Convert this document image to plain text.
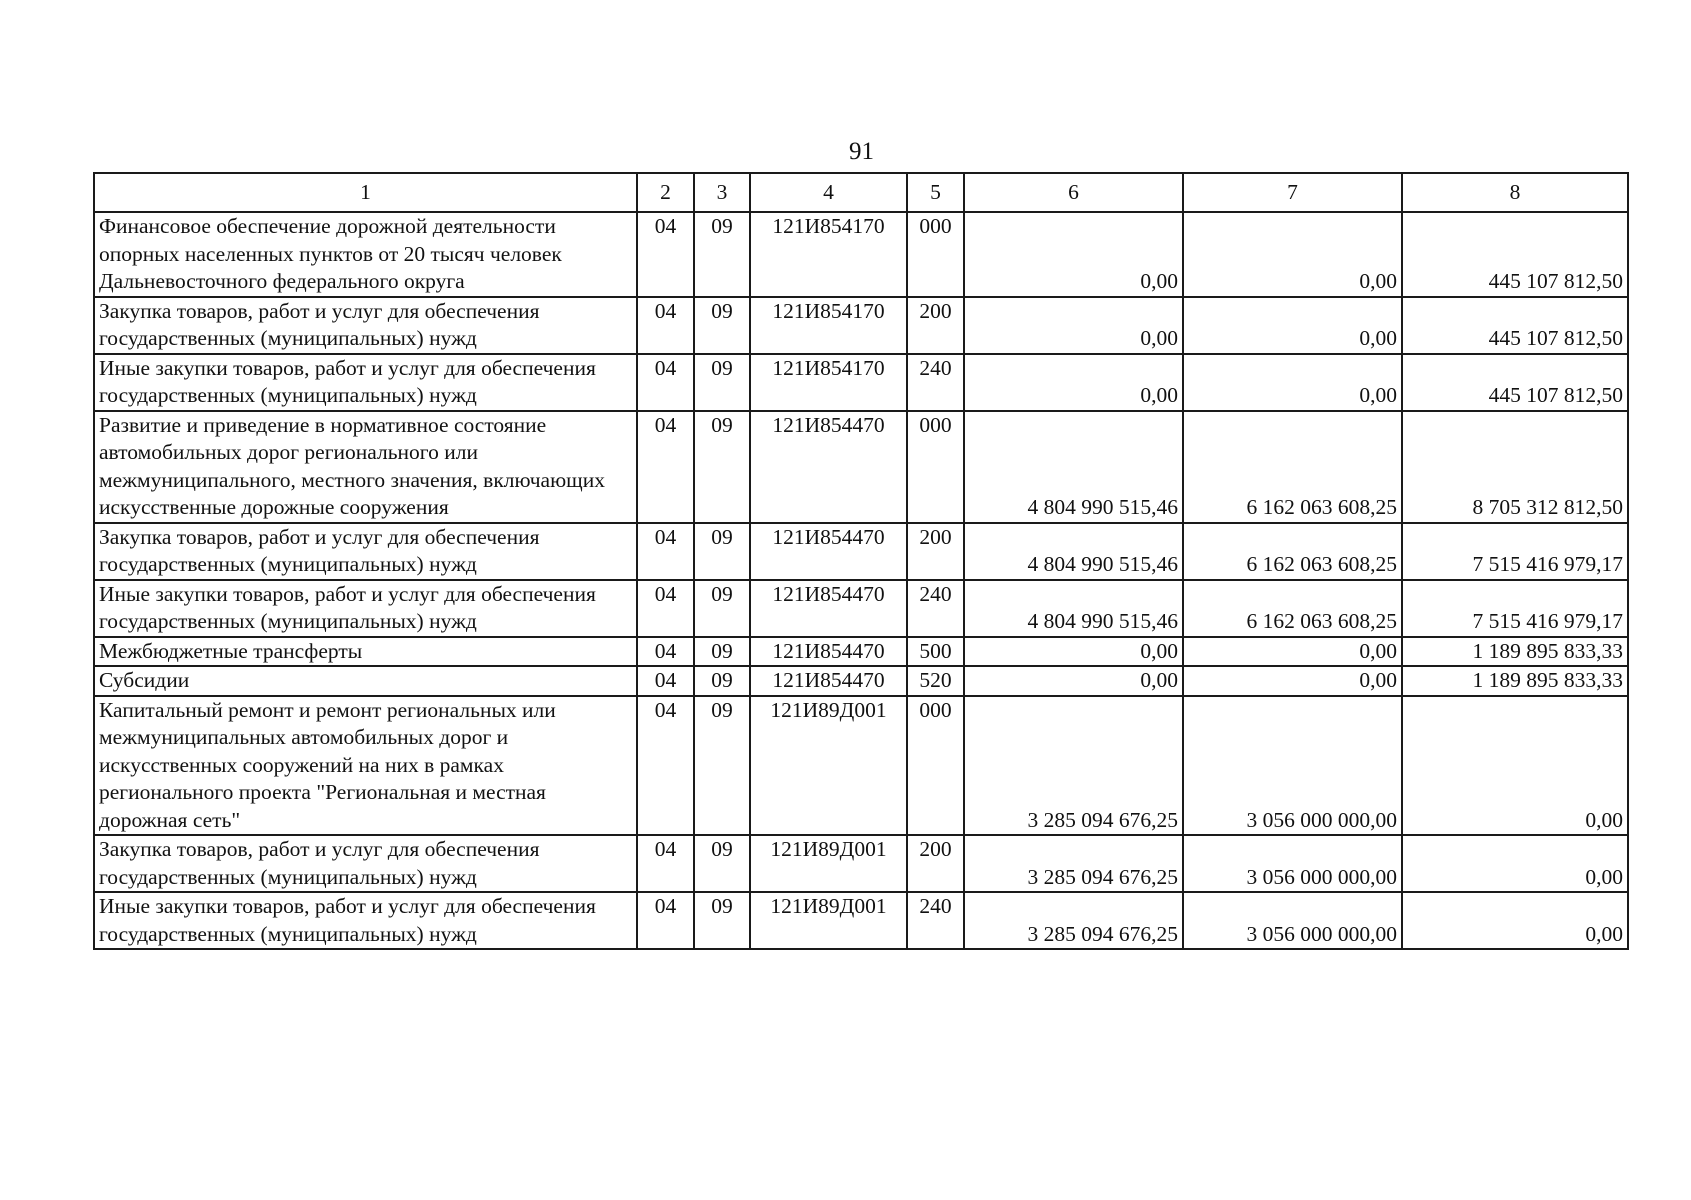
91
1	2	3	4	5	6	7	8
Финансовое обеспечение дорожной деятельности опорных населенных пунктов от 20 тысяч человек Дальневосточного федерального округа	04	09	121И854170	000	0,00	0,00	445 107 812,50
Закупка товаров, работ и услуг для обеспечения государственных (муниципальных) нужд	04	09	121И854170	200	0,00	0,00	445 107 812,50
Иные закупки товаров, работ и услуг для обеспечения государственных (муниципальных) нужд	04	09	121И854170	240	0,00	0,00	445 107 812,50
Развитие и приведение в нормативное состояние автомобильных дорог регионального или межмуниципального, местного значения, включающих искусственные дорожные сооружения	04	09	121И854470	000	4 804 990 515,46	6 162 063 608,25	8 705 312 812,50
Закупка товаров, работ и услуг для обеспечения государственных (муниципальных) нужд	04	09	121И854470	200	4 804 990 515,46	6 162 063 608,25	7 515 416 979,17
Иные закупки товаров, работ и услуг для обеспечения государственных (муниципальных) нужд	04	09	121И854470	240	4 804 990 515,46	6 162 063 608,25	7 515 416 979,17
Межбюджетные трансферты	04	09	121И854470	500	0,00	0,00	1 189 895 833,33
Субсидии	04	09	121И854470	520	0,00	0,00	1 189 895 833,33
Капитальный ремонт и ремонт региональных или межмуниципальных автомобильных дорог и искусственных сооружений на них в рамках регионального проекта "Региональная и местная дорожная сеть"	04	09	121И89Д001	000	3 285 094 676,25	3 056 000 000,00	0,00
Закупка товаров, работ и услуг для обеспечения государственных (муниципальных) нужд	04	09	121И89Д001	200	3 285 094 676,25	3 056 000 000,00	0,00
Иные закупки товаров, работ и услуг для обеспечения государственных (муниципальных) нужд	04	09	121И89Д001	240	3 285 094 676,25	3 056 000 000,00	0,00
